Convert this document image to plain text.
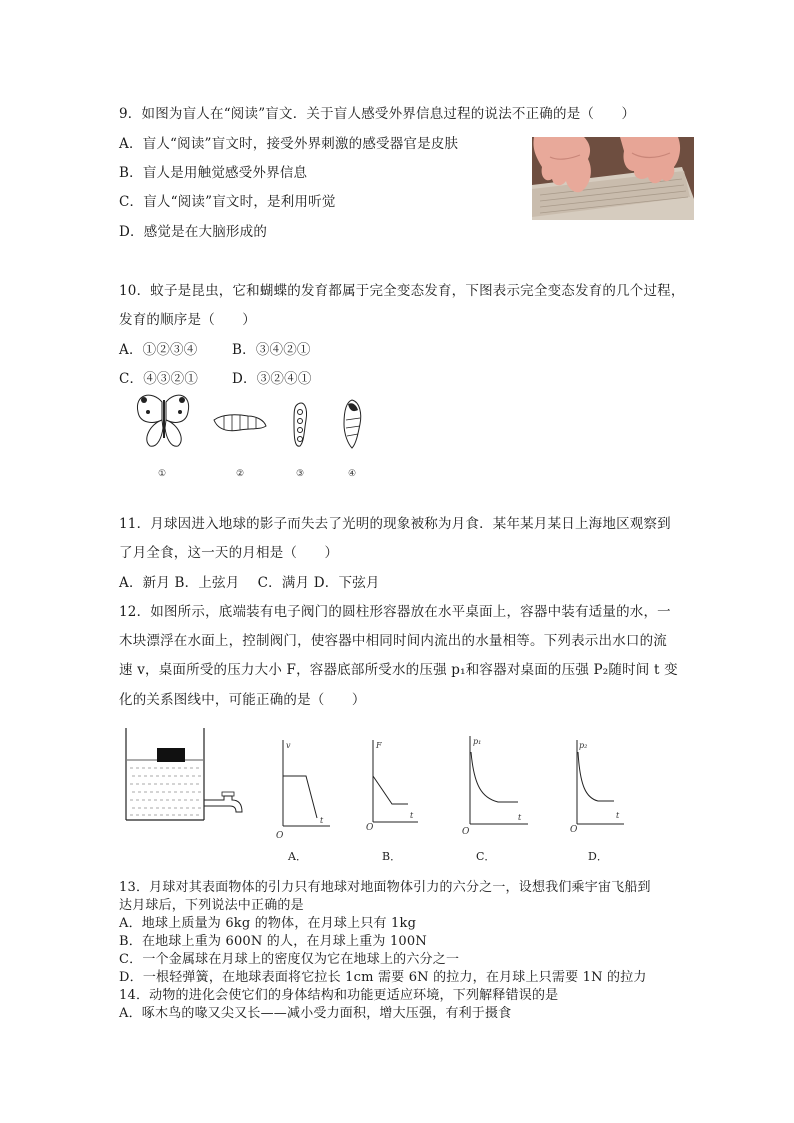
9．如图为盲人在“阅读”盲文．关于盲人感受外界信息过程的说法不正确的是（　　）
A．盲人“阅读”盲文时，接受外界刺激的感受器官是皮肤
B．盲人是用触觉感受外界信息
C．盲人“阅读”盲文时，是利用听觉
D．感觉是在大脑形成的
10．蚊子是昆虫，它和蝴蝶的发育都属于完全变态发育，下图表示完全变态发育的几个过程，
发育的顺序是（　　）
A．①②③④	B．③④②①
C．④③②①	D．③②④①
①	②	③	④
11．月球因进入地球的影子而失去了光明的现象被称为月食．某年某月某日上海地区观察到
了月全食，这一天的月相是（　　）
A．新月 B．上弦月　 C．满月 D．下弦月
12．如图所示，底端装有电子阀门的圆柱形容器放在水平桌面上，容器中装有适量的水，一
木块漂浮在水面上，控制阀门，使容器中相同时间内流出的水量相等。下列表示出水口的流
速 v，桌面所受的压力大小 F，容器底部所受水的压强 p₁和容器对桌面的压强 P₂随时间 t 变
化的关系图线中，可能正确的是（　　）
v
t
O
A．
F
t
O
B．
p₁
t
O
C．
p₂
t
O
D．
13．月球对其表面物体的引力只有地球对地面物体引力的六分之一，设想我们乘宇宙飞船到
达月球后，下列说法中正确的是
A．地球上质量为 6kg 的物体，在月球上只有 1kg
B．在地球上重为 600N 的人，在月球上重为 100N
C．一个金属球在月球上的密度仅为它在地球上的六分之一
D．一根轻弹簧，在地球表面将它拉长 1cm 需要 6N 的拉力，在月球上只需要 1N 的拉力
14．动物的进化会使它们的身体结构和功能更适应环境，下列解释错误的是
A．啄木鸟的喙又尖又长——减小受力面积，增大压强，有利于摄食
